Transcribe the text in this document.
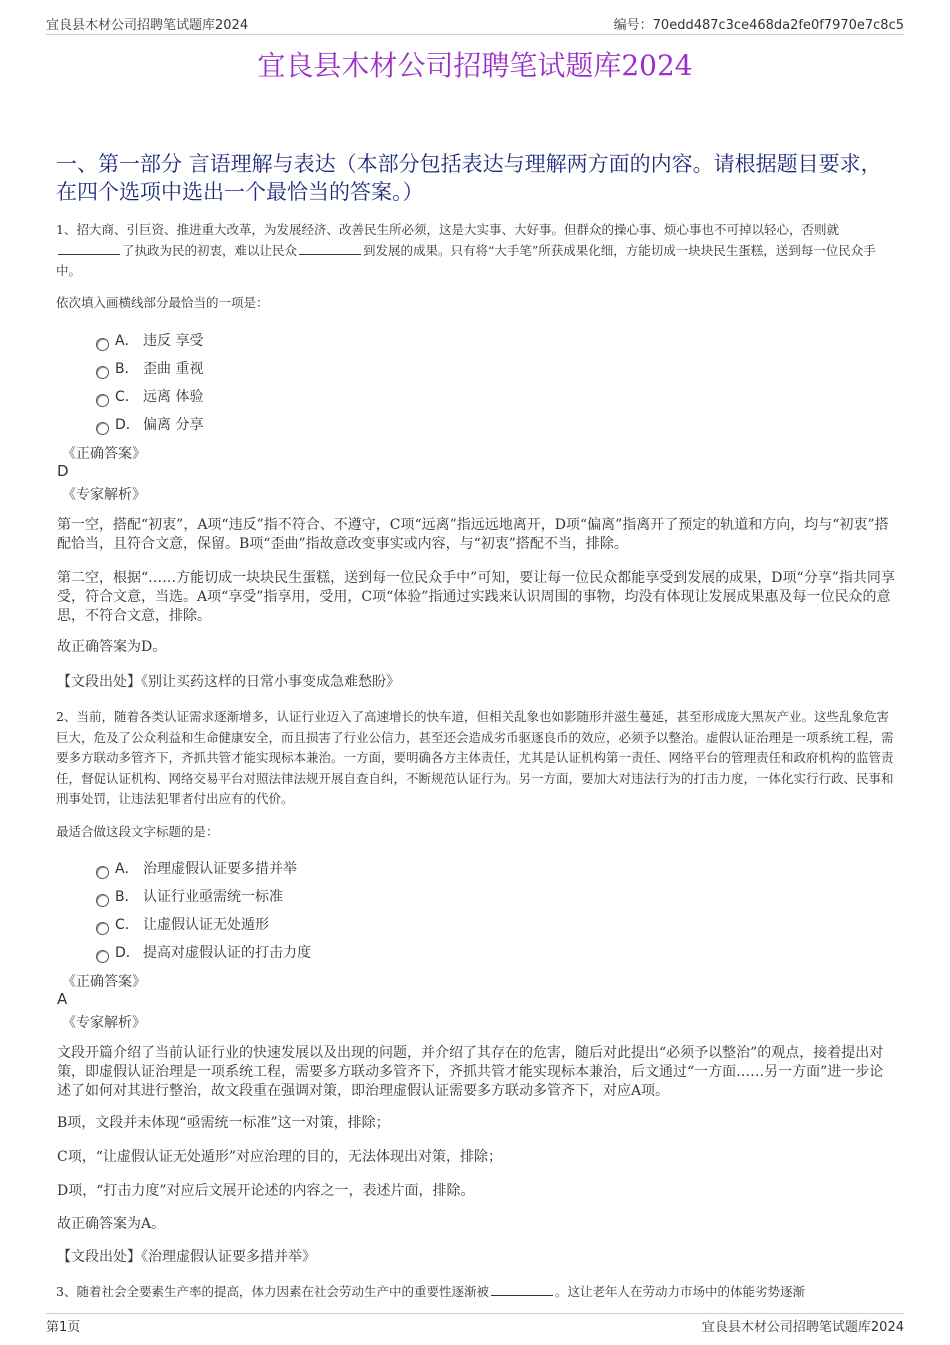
宜良县木材公司招聘笔试题库2024	编号：70edd487c3ce468da2fe0f7970e7c8c5
宜良县木材公司招聘笔试题库2024
一、第一部分 言语理解与表达（本部分包括表达与理解两方面的内容。请根据题目要求，在四个选项中选出一个最恰当的答案。）
1、招大商、引巨资、推进重大改革，为发展经济、改善民生所必须，这是大实事、大好事。但群众的操心事、烦心事也不可掉以轻心，否则就了执政为民的初衷，难以让民众	到发展的成果。只有将“大手笔”所获成果化细，方能切成一块块民生蛋糕，送到每一位民众手中。
依次填入画横线部分最恰当的一项是：
A． 违反 享受
B． 歪曲 重视
C． 远离 体验
D． 偏离 分享
《正确答案》
D
《专家解析》
第一空，搭配“初衷”，A项“违反”指不符合、不遵守，C项“远离”指远远地离开，D项“偏离”指离开了预定的轨道和方向，均与“初衷”搭配恰当，且符合文意，保留。B项“歪曲”指故意改变事实或内容，与“初衷”搭配不当，排除。
第二空，根据“……方能切成一块块民生蛋糕，送到每一位民众手中”可知，要让每一位民众都能享受到发展的成果，D项“分享”指共同享受，符合文意，当选。A项“享受”指享用，受用，C项“体验”指通过实践来认识周围的事物，均没有体现让发展成果惠及每一位民众的意思，不符合文意，排除。
故正确答案为D。
【文段出处】《别让买药这样的日常小事变成急难愁盼》
2、当前，随着各类认证需求逐渐增多，认证行业迈入了高速增长的快车道，但相关乱象也如影随形并滋生蔓延，甚至形成庞大黑灰产业。这些乱象危害巨大，危及了公众利益和生命健康安全，而且损害了行业公信力，甚至还会造成劣币驱逐良币的效应，必须予以整治。虚假认证治理是一项系统工程，需要多方联动多管齐下，齐抓共管才能实现标本兼治。一方面，要明确各方主体责任，尤其是认证机构第一责任、网络平台的管理责任和政府机构的监管责任，督促认证机构、网络交易平台对照法律法规开展自查自纠，不断规范认证行为。另一方面，要加大对违法行为的打击力度，一体化实行行政、民事和刑事处罚，让违法犯罪者付出应有的代价。
最适合做这段文字标题的是：
A． 治理虚假认证要多措并举
B． 认证行业亟需统一标准
C． 让虚假认证无处遁形
D． 提高对虚假认证的打击力度
《正确答案》
A
《专家解析》
文段开篇介绍了当前认证行业的快速发展以及出现的问题，并介绍了其存在的危害，随后对此提出“必须予以整治”的观点，接着提出对策，即虚假认证治理是一项系统工程，需要多方联动多管齐下，齐抓共管才能实现标本兼治，后文通过“一方面……另一方面”进一步论述了如何对其进行整治，故文段重在强调对策，即治理虚假认证需要多方联动多管齐下，对应A项。
B项，文段并未体现“亟需统一标准”这一对策，排除；
C项，“让虚假认证无处遁形”对应治理的目的，无法体现出对策，排除；
D项，“打击力度”对应后文展开论述的内容之一，表述片面，排除。
故正确答案为A。
【文段出处】《治理虚假认证要多措并举》
3、随着社会全要素生产率的提高，体力因素在社会劳动生产中的重要性逐渐被	。这让老年人在劳动力市场中的体能劣势逐渐
第1页	宜良县木材公司招聘笔试题库2024
